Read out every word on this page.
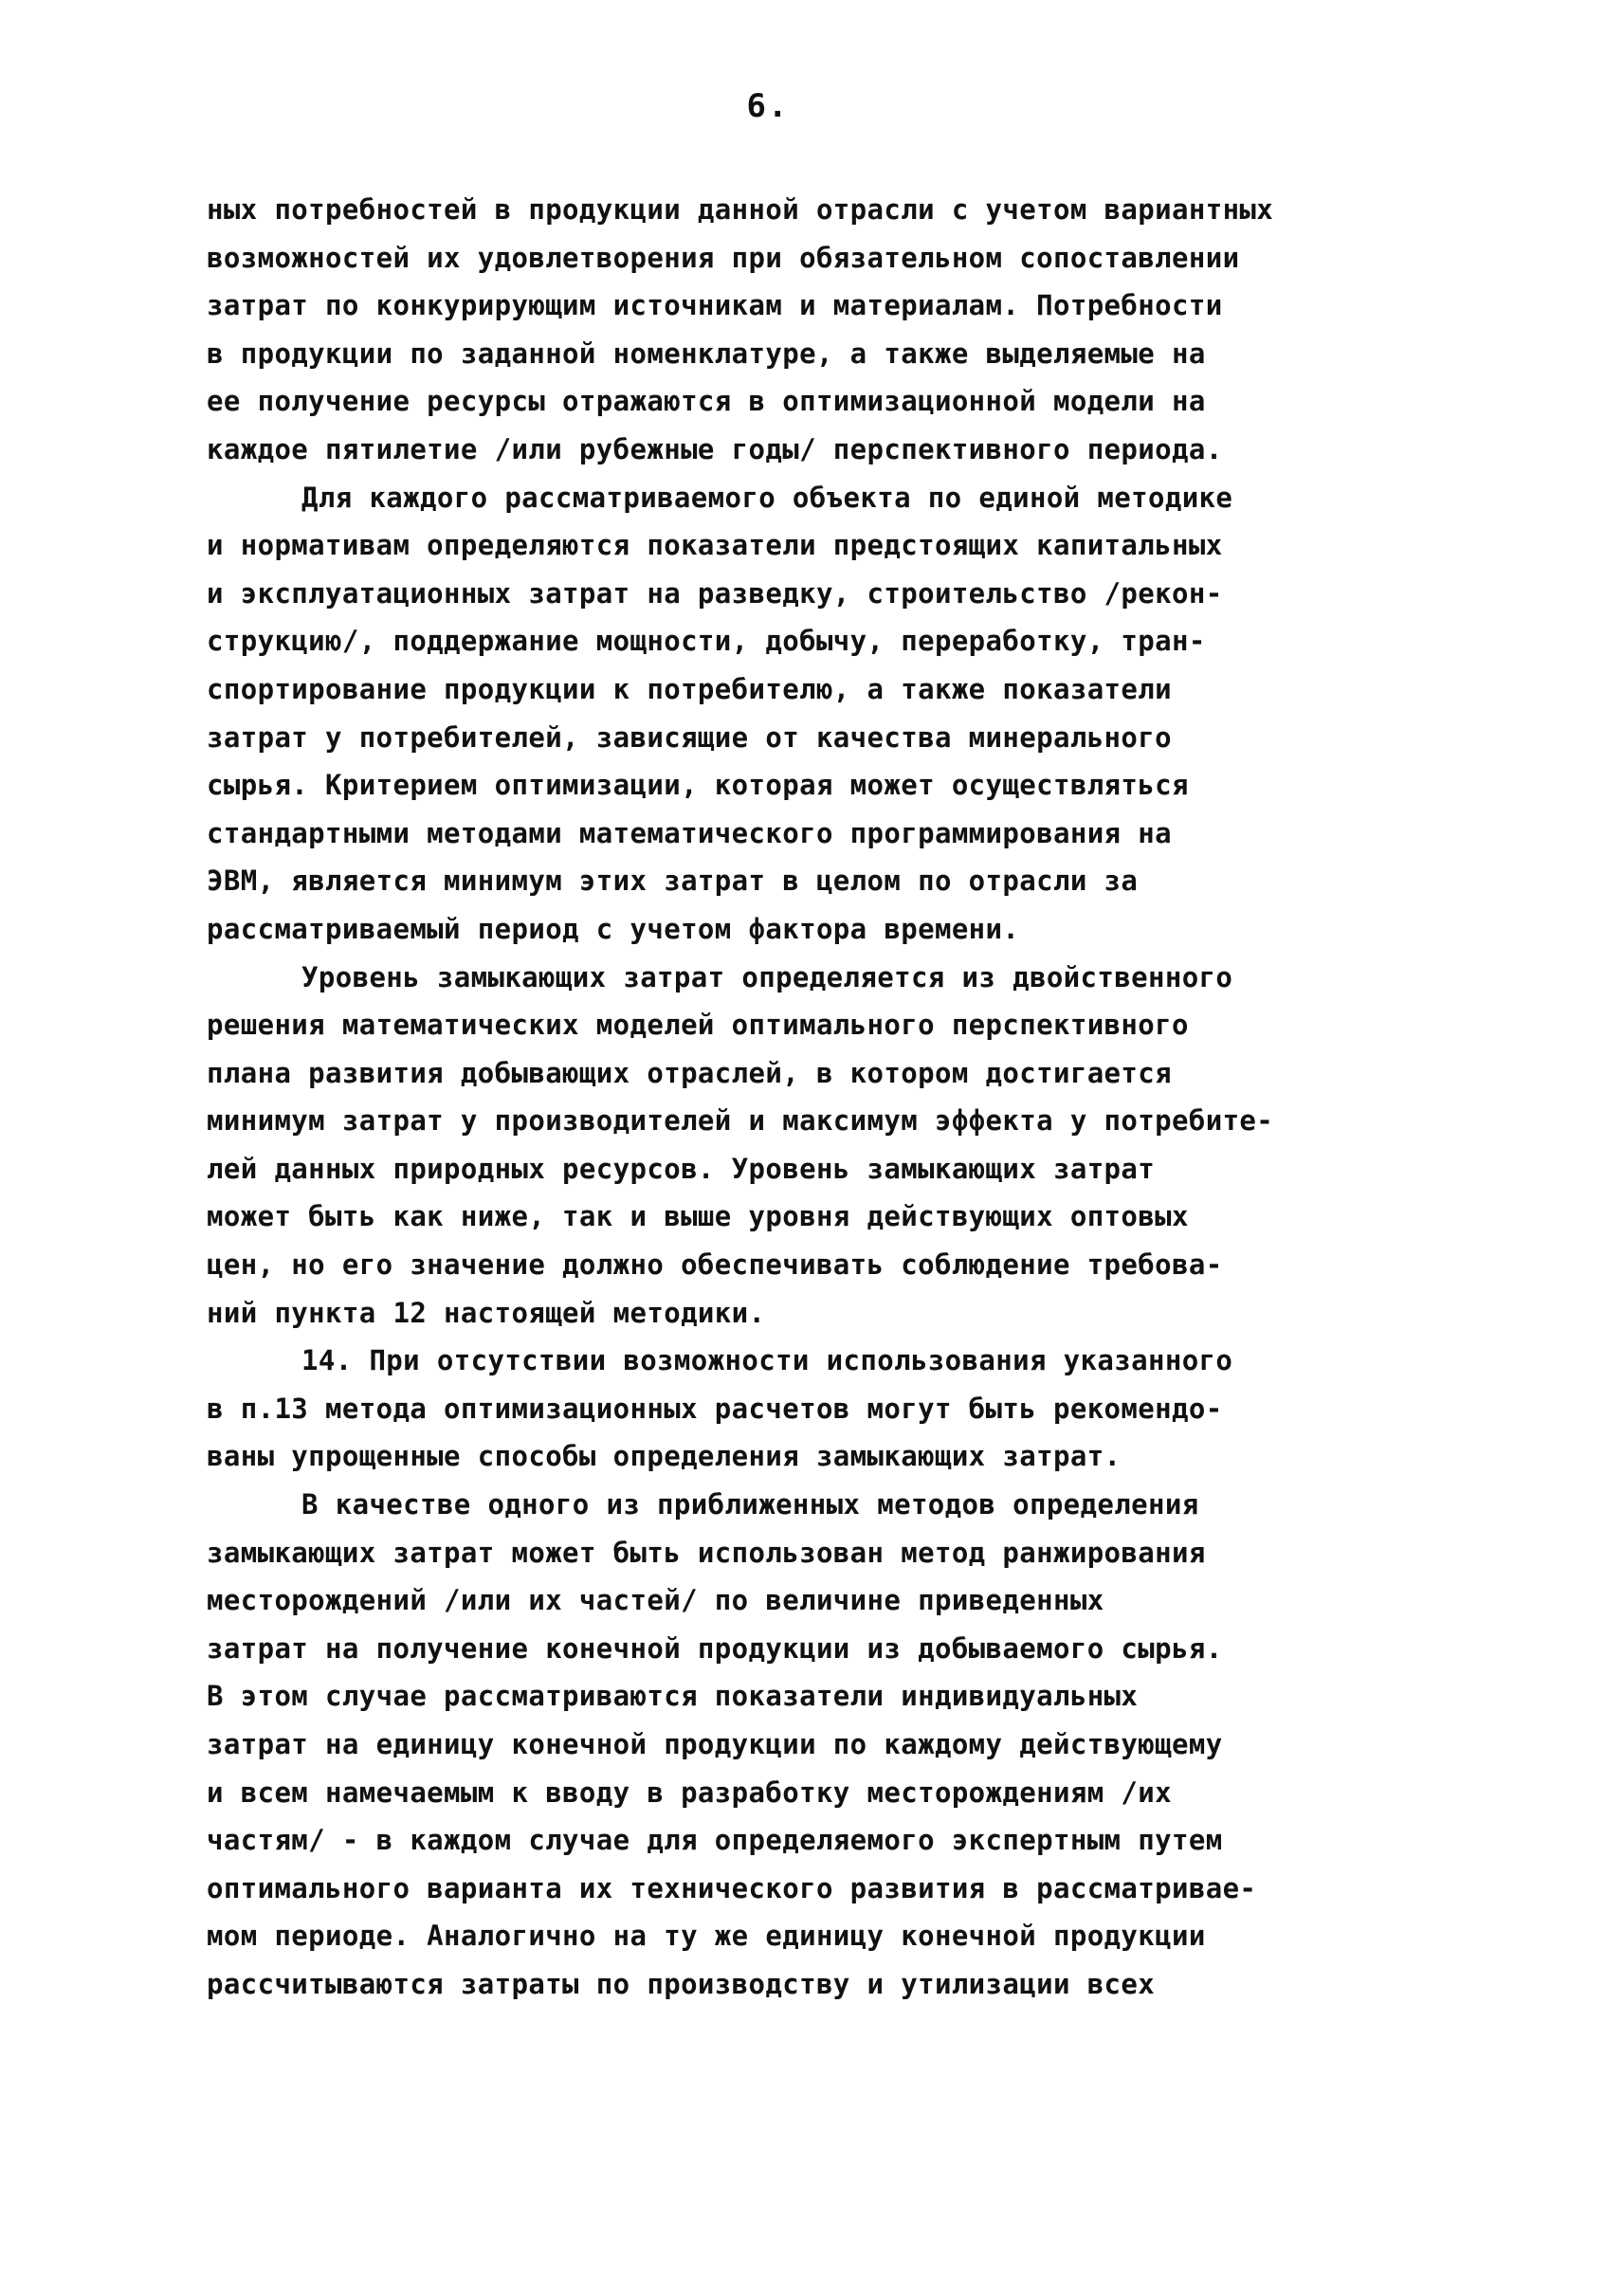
6.
ных потребностей в продукции данной отрасли с учетом вариантных
возможностей их удовлетворения при обязательном сопоставлении
затрат по конкурирующим источникам и материалам. Потребности
в продукции по заданной номенклатуре, а также выделяемые на
ее получение ресурсы отражаются в оптимизационной модели на
каждое пятилетие /или рубежные годы/ перспективного периода.
Для каждого рассматриваемого объекта по единой методике
и нормативам определяются показатели предстоящих капитальных
и эксплуатационных затрат на разведку, строительство /рекон-
струкцию/, поддержание мощности, добычу, переработку, тран-
спортирование продукции к потребителю, а также показатели
затрат у потребителей, зависящие от качества минерального
сырья. Критерием оптимизации, которая может осуществляться
стандартными методами математического программирования на
ЭВМ, является минимум этих затрат в целом по отрасли за
рассматриваемый период с учетом фактора времени.
Уровень замыкающих затрат определяется из двойственного
решения математических моделей оптимального перспективного
плана развития добывающих отраслей, в котором достигается
минимум затрат у производителей и максимум эффекта у потребите-
лей данных природных ресурсов. Уровень замыкающих затрат
может быть как ниже, так и выше уровня действующих оптовых
цен, но его значение должно обеспечивать соблюдение требова-
ний пункта 12 настоящей методики.
14. При отсутствии возможности использования указанного
в п.13 метода оптимизационных расчетов могут быть рекомендо-
ваны упрощенные способы определения замыкающих затрат.
В качестве одного из приближенных методов определения
замыкающих затрат может быть использован метод ранжирования
месторождений /или их частей/ по величине приведенных
затрат на получение конечной продукции из добываемого сырья.
В этом случае рассматриваются показатели индивидуальных
затрат на единицу конечной продукции по каждому действующему
и всем намечаемым к вводу в разработку месторождениям /их
частям/ - в каждом случае для определяемого экспертным путем
оптимального варианта их технического развития в рассматривае-
мом периоде. Аналогично на ту же единицу конечной продукции
рассчитываются затраты по производству и утилизации всех
